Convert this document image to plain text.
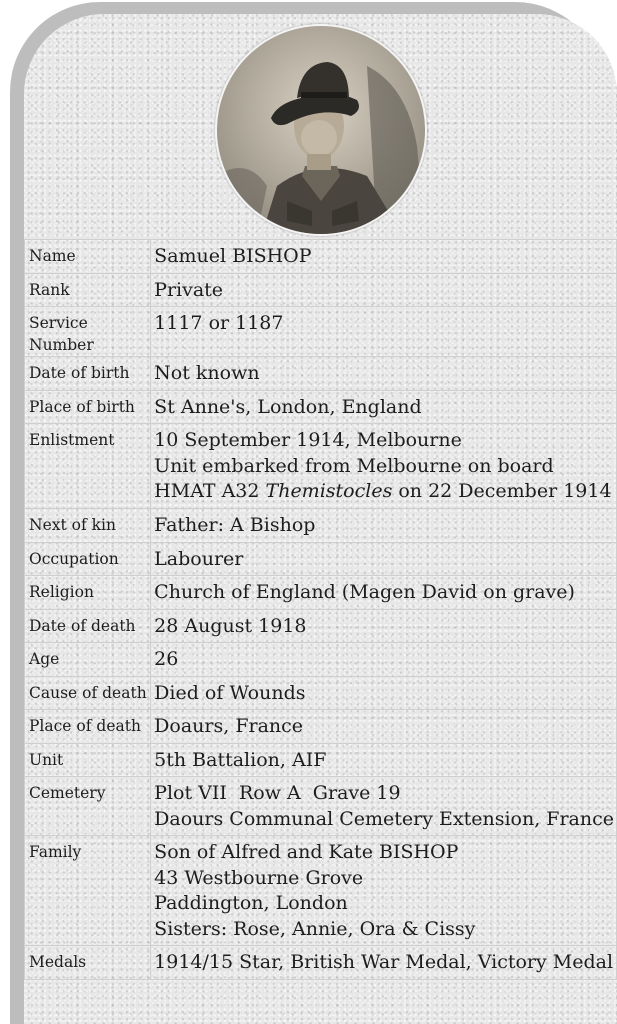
Name	Samuel BISHOP
Rank	Private
Service Number	1117 or 1187
Date of birth	Not known
Place of birth	St Anne's, London, England
Enlistment	10 September 1914, Melbourne
Unit embarked from Melbourne on board
HMAT A32 Themistocles on 22 December 1914

Next of kin	Father: A Bishop
Occupation	Labourer
Religion	Church of England (Magen David on grave)
Date of death	28 August 1918
Age	26
Cause of death	Died of Wounds
Place of death	Doaurs, France
Unit	5th Battalion, AIF
Cemetery	Plot VII  Row A  Grave 19
Daours Communal Cemetery Extension, France

Family	Son of Alfred and Kate BISHOP
43 Westbourne Grove
Paddington, London
Sisters: Rose, Annie, Ora & Cissy

Medals	1914/15 Star, British War Medal, Victory Medal
